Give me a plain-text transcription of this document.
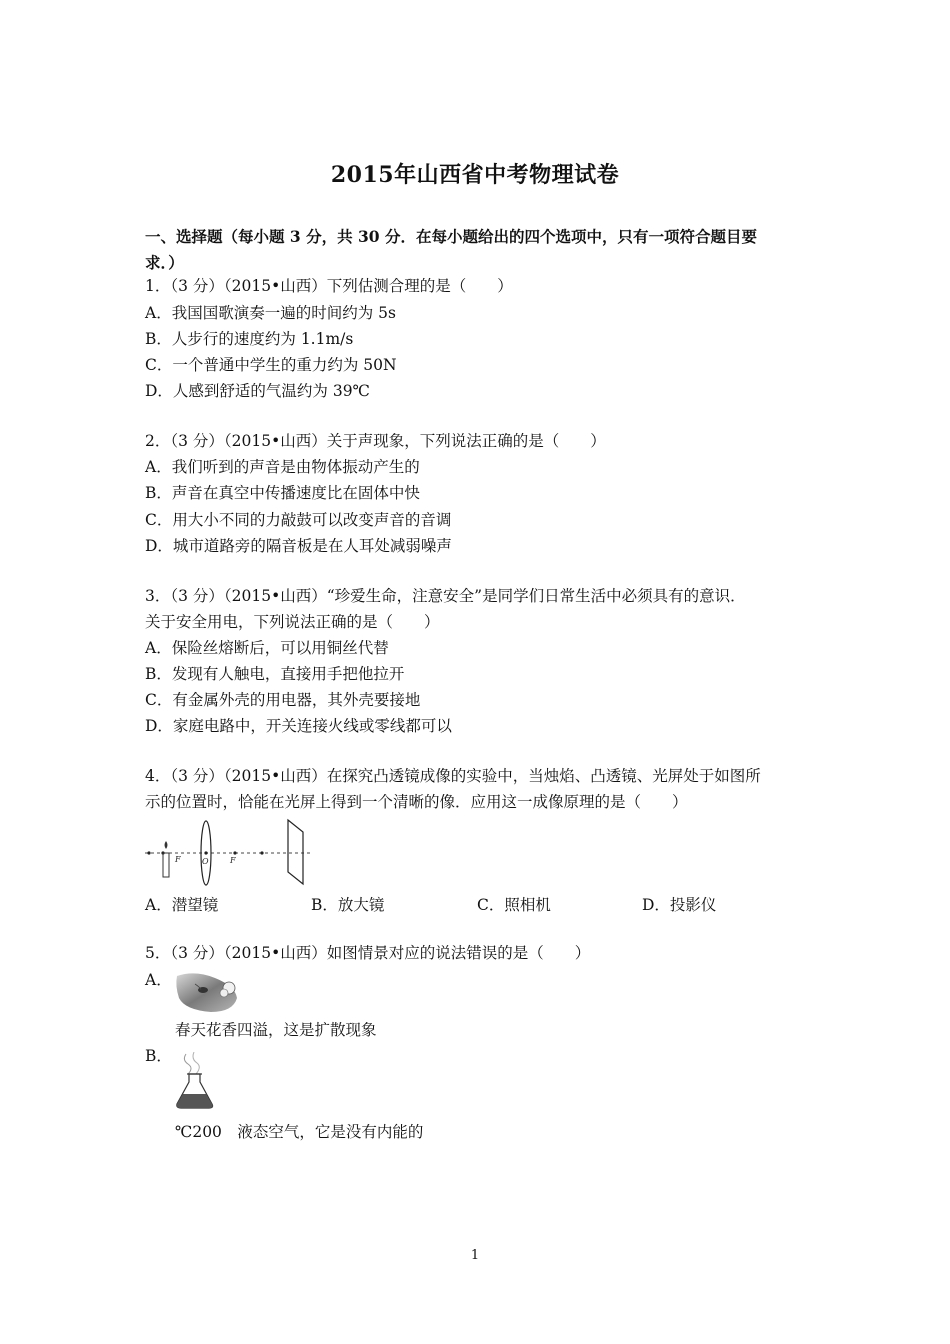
2015年山西省中考物理试卷
一、选择题（每小题 3 分，共 30 分．在每小题给出的四个选项中，只有一项符合题目要
求．）
1．（3 分）（2015•山西）下列估测合理的是（　　）
A．我国国歌演奏一遍的时间约为 5s
B．人步行的速度约为 1.1m/s
C．一个普通中学生的重力约为 50N
D．人感到舒适的气温约为 39℃
2．（3 分）（2015•山西）关于声现象，下列说法正确的是（　　）
A．我们听到的声音是由物体振动产生的
B．声音在真空中传播速度比在固体中快
C．用大小不同的力敲鼓可以改变声音的音调
D．城市道路旁的隔音板是在人耳处减弱噪声
3．（3 分）（2015•山西）“珍爱生命，注意安全”是同学们日常生活中必须具有的意识．
关于安全用电，下列说法正确的是（　　）
A．保险丝熔断后，可以用铜丝代替
B．发现有人触电，直接用手把他拉开
C．有金属外壳的用电器，其外壳要接地
D．家庭电路中，开关连接火线或零线都可以
4．（3 分）（2015•山西）在探究凸透镜成像的实验中，当烛焰、凸透镜、光屏处于如图所
示的位置时，恰能在光屏上得到一个清晰的像．应用这一成像原理的是（　　）
F	O	F
A．潜望镜	B．放大镜	C．照相机	D．投影仪
5．（3 分）（2015•山西）如图情景对应的说法错误的是（　　）
A．
春天花香四溢，这是扩散现象
B．
℃200　液态空气，它是没有内能的
1
